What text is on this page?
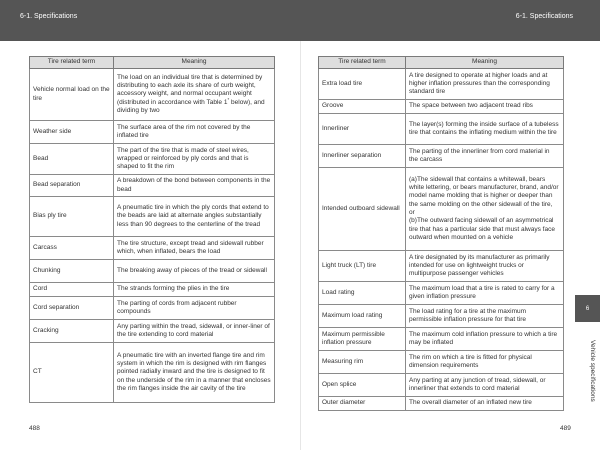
6-1. Specifications	6-1. Specifications
Tire related term	Meaning
Vehicle normal load on the tire	The load on an individual tire that is determined by distributing to each axle its share of curb weight, accessory weight, and normal occupant weight (distributed in accordance with Table 1* below), and dividing by two
Weather side	The surface area of the rim not covered by the inflated tire
Bead	The part of the tire that is made of steel wires, wrapped or reinforced by ply cords and that is shaped to fit the rim
Bead separation	A breakdown of the bond between components in the bead
Bias ply tire	A pneumatic tire in which the ply cords that extend to the beads are laid at alternate angles substantially less than 90 degrees to the centerline of the tread
Carcass	The tire structure, except tread and sidewall rubber which, when inflated, bears the load
Chunking	The breaking away of pieces of the tread or sidewall
Cord	The strands forming the plies in the tire
Cord separation	The parting of cords from adjacent rubber compounds
Cracking	Any parting within the tread, sidewall, or inner-liner of the tire extending to cord material
CT	A pneumatic tire with an inverted flange tire and rim system in which the rim is designed with rim flanges pointed radially inward and the tire is designed to fit on the underside of the rim in a manner that encloses the rim flanges inside the air cavity of the tire
Tire related term	Meaning
Extra load tire	A tire designed to operate at higher loads and at higher inflation pressures than the corresponding standard tire
Groove	The space between two adjacent tread ribs
Innerliner	The layer(s) forming the inside surface of a tubeless tire that contains the inflating medium within the tire
Innerliner separation	The parting of the innerliner from cord material in the carcass
Intended outboard sidewall	(a)The sidewall that contains a whitewall, bears white lettering, or bears manufacturer, brand, and/or model name molding that is higher or deeper than the same molding on the other sidewall of the tire, or
(b)The outward facing sidewall of an asymmetrical tire that has a particular side that must always face outward when mounted on a vehicle
Light truck (LT) tire	A tire designated by its manufacturer as primarily intended for use on lightweight trucks or multipurpose passenger vehicles
Load rating	The maximum load that a tire is rated to carry for a given inflation pressure
Maximum load rating	The load rating for a tire at the maximum permissible inflation pressure for that tire
Maximum permissible inflation pressure	The maximum cold inflation pressure to which a tire may be inflated
Measuring rim	The rim on which a tire is fitted for physical dimension requirements
Open splice	Any parting at any junction of tread, sidewall, or innerliner that extends to cord material
Outer diameter	The overall diameter of an inflated new tire
488	489
6
Vehicle specifications
